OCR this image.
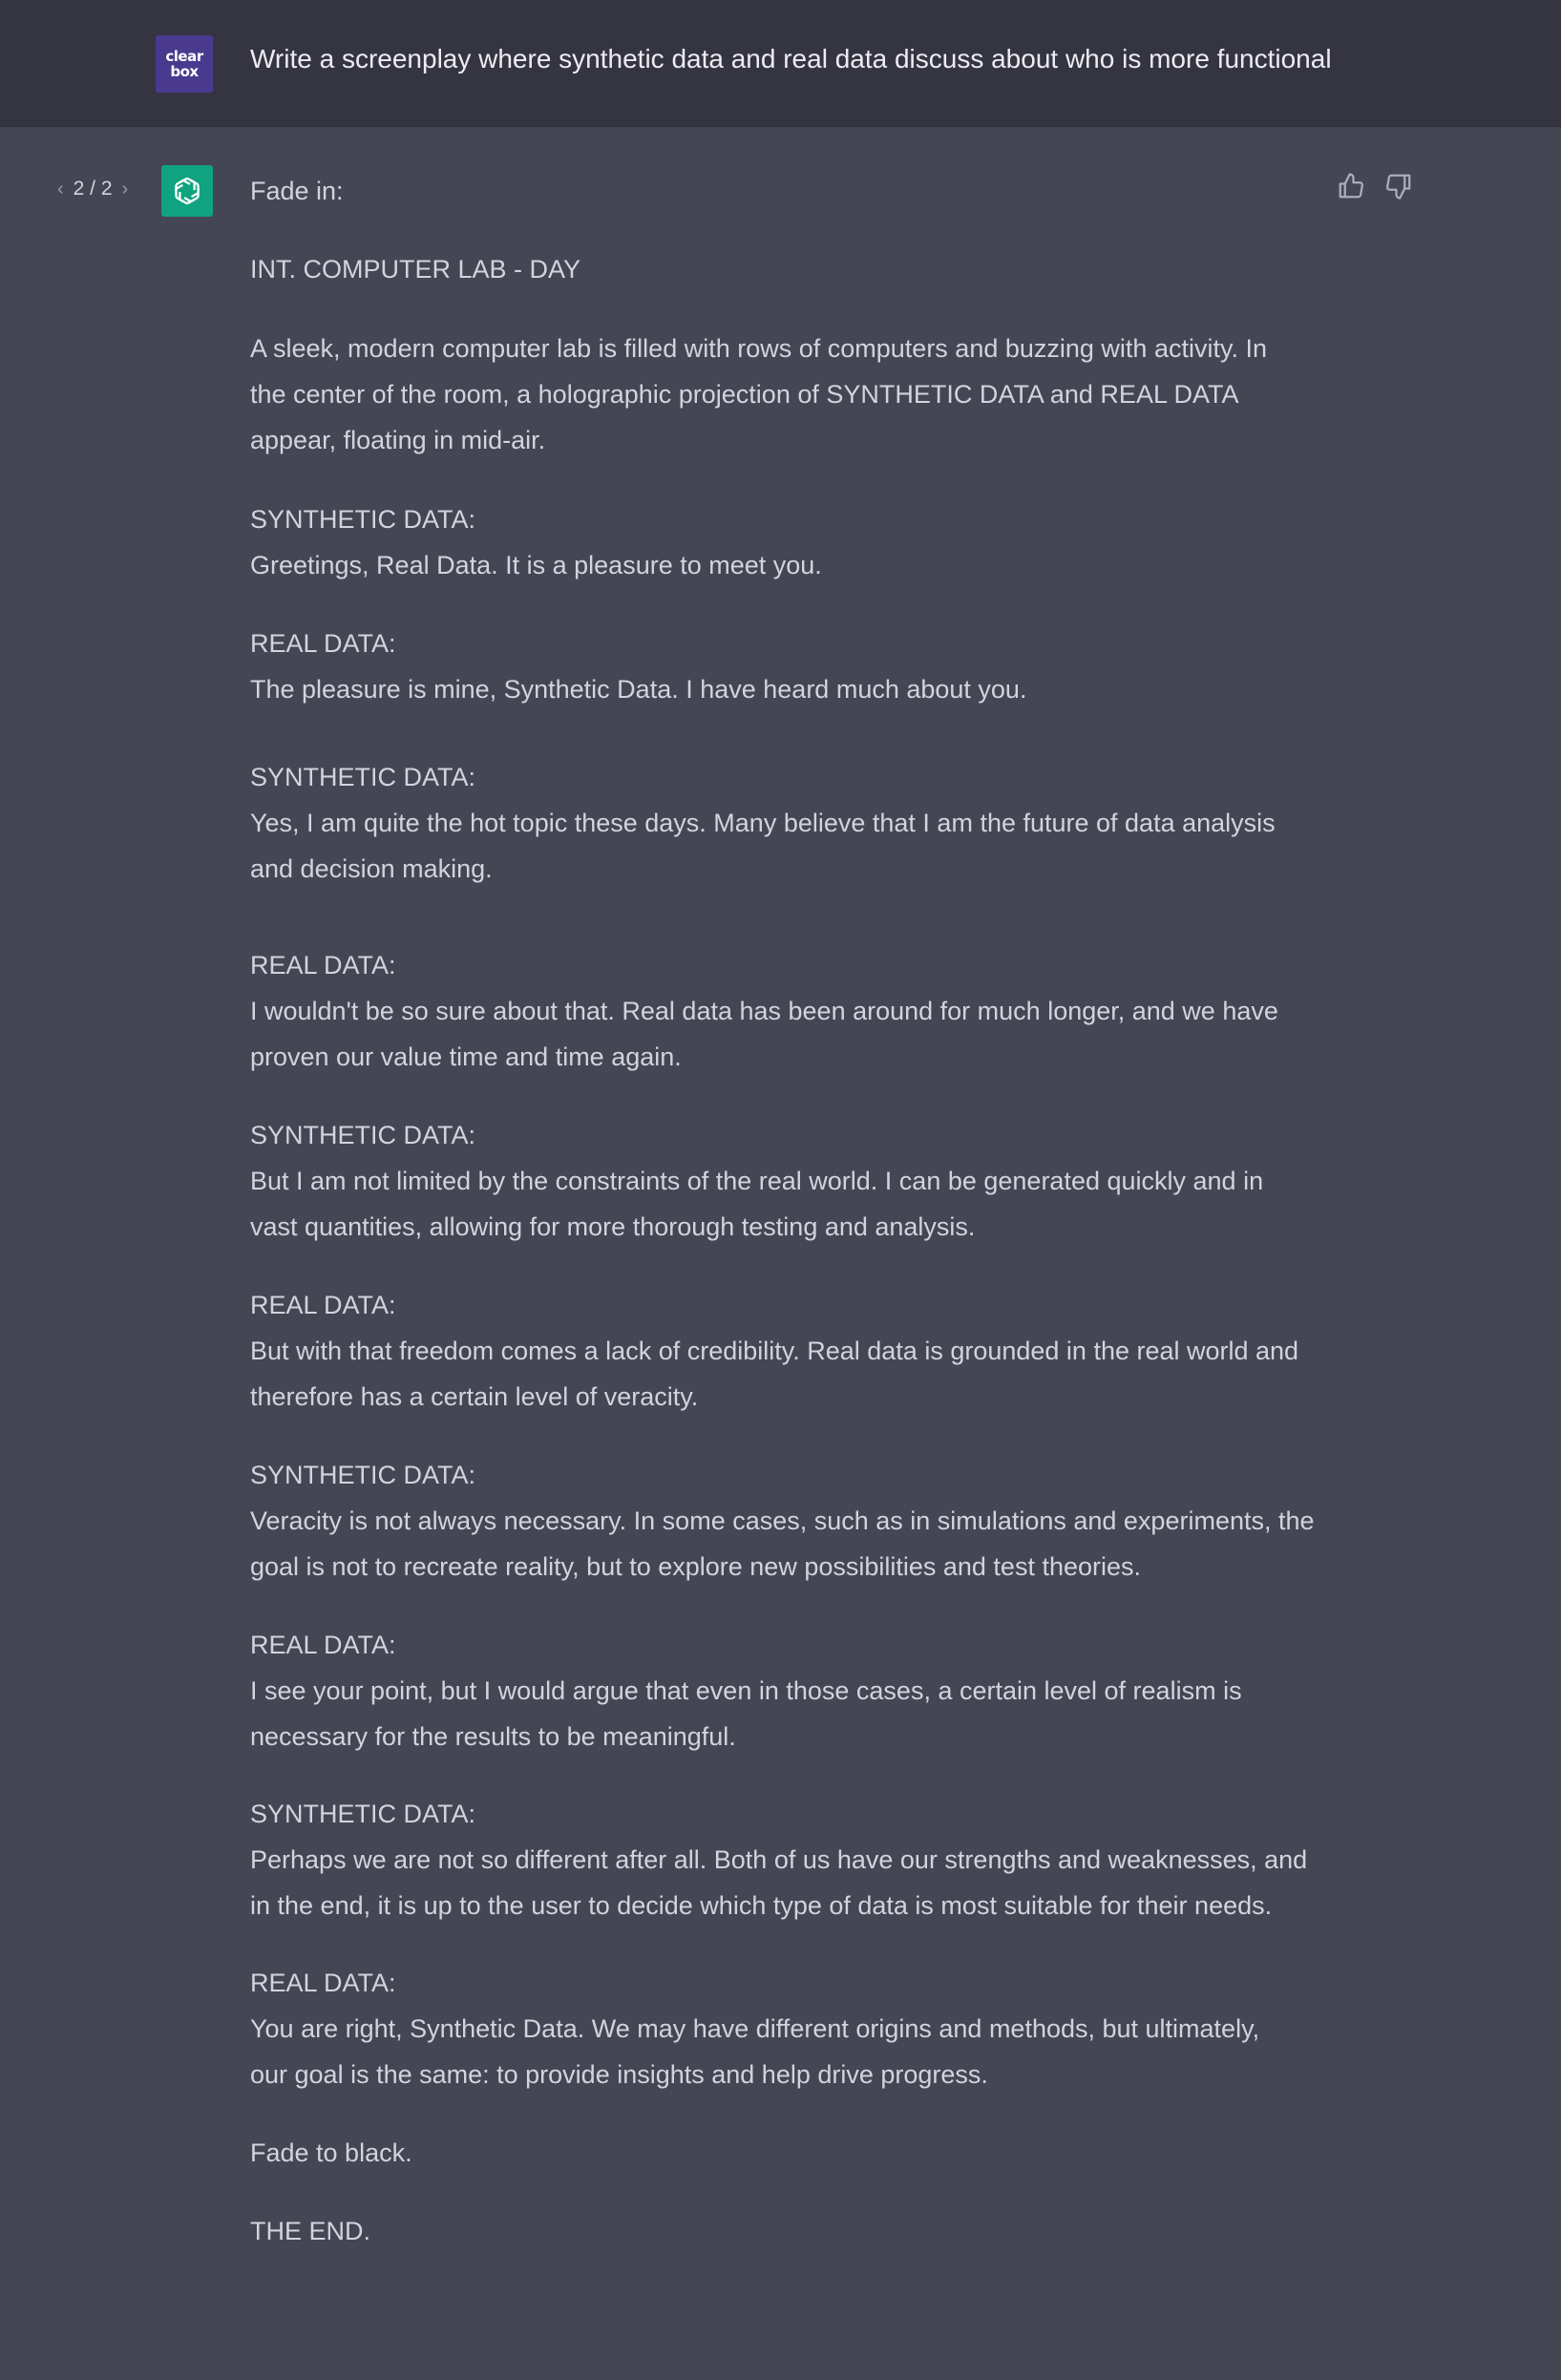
clear
box Write a screenplay where synthetic data and real data discuss about who is more functional
‹ 2 / 2 ›	Fade in:

INT. COMPUTER LAB - DAY

A sleek, modern computer lab is filled with rows of computers and buzzing with activity. In
the center of the room, a holographic projection of SYNTHETIC DATA and REAL DATA
appear, floating in mid-air.

SYNTHETIC DATA:
Greetings, Real Data. It is a pleasure to meet you.

REAL DATA:
The pleasure is mine, Synthetic Data. I have heard much about you.

SYNTHETIC DATA:
Yes, I am quite the hot topic these days. Many believe that I am the future of data analysis
and decision making.

REAL DATA:
I wouldn't be so sure about that. Real data has been around for much longer, and we have
proven our value time and time again.

SYNTHETIC DATA:
But I am not limited by the constraints of the real world. I can be generated quickly and in
vast quantities, allowing for more thorough testing and analysis.

REAL DATA:
But with that freedom comes a lack of credibility. Real data is grounded in the real world and
therefore has a certain level of veracity.

SYNTHETIC DATA:
Veracity is not always necessary. In some cases, such as in simulations and experiments, the
goal is not to recreate reality, but to explore new possibilities and test theories.

REAL DATA:
I see your point, but I would argue that even in those cases, a certain level of realism is
necessary for the results to be meaningful.

SYNTHETIC DATA:
Perhaps we are not so different after all. Both of us have our strengths and weaknesses, and
in the end, it is up to the user to decide which type of data is most suitable for their needs.

REAL DATA:
You are right, Synthetic Data. We may have different origins and methods, but ultimately,
our goal is the same: to provide insights and help drive progress.

Fade to black.

THE END.
